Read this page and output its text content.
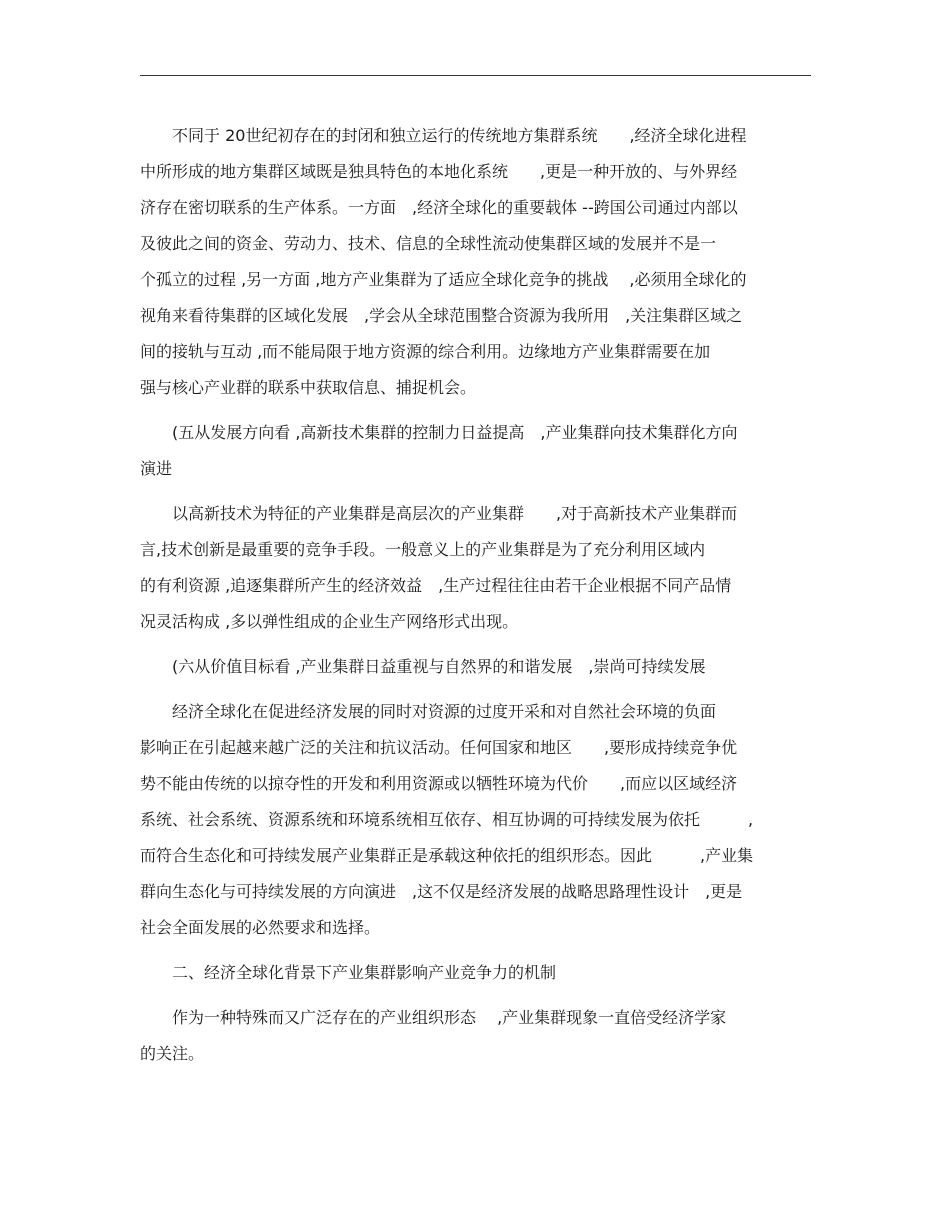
　　不同于 20世纪初存在的封闭和独立运行的传统地方集群系统　　,经济全球化进程
中所形成的地方集群区域既是独具特色的本地化系统　　,更是一种开放的、与外界经
济存在密切联系的生产体系。一方面　,经济全球化的重要载体 --跨国公司通过内部以
及彼此之间的资金、劳动力、技术、信息的全球性流动使集群区域的发展并不是一
个孤立的过程 ,另一方面 ,地方产业集群为了适应全球化竞争的挑战　 ,必须用全球化的
视角来看待集群的区域化发展　,学会从全球范围整合资源为我所用　,关注集群区域之
间的接轨与互动 ,而不能局限于地方资源的综合利用。边缘地方产业集群需要在加
强与核心产业群的联系中获取信息、捕捉机会。
　　(五从发展方向看 ,高新技术集群的控制力日益提高　,产业集群向技术集群化方向
演进
　　以高新技术为特征的产业集群是高层次的产业集群　　,对于高新技术产业集群而
言,技术创新是最重要的竞争手段。一般意义上的产业集群是为了充分利用区域内
的有利资源 ,追逐集群所产生的经济效益　,生产过程往往由若干企业根据不同产品情
况灵活构成 ,多以弹性组成的企业生产网络形式出现。
　　(六从价值目标看 ,产业集群日益重视与自然界的和谐发展　,崇尚可持续发展
　　经济全球化在促进经济发展的同时对资源的过度开采和对自然社会环境的负面
影响正在引起越来越广泛的关注和抗议活动。任何国家和地区　　,要形成持续竞争优
势不能由传统的以掠夺性的开发和利用资源或以牺牲环境为代价　　,而应以区域经济
系统、社会系统、资源系统和环境系统相互依存、相互协调的可持续发展为依托　　　,
而符合生态化和可持续发展产业集群正是承载这种依托的组织形态。因此　　　,产业集
群向生态化与可持续发展的方向演进　,这不仅是经济发展的战略思路理性设计　,更是
社会全面发展的必然要求和选择。
　　二、经济全球化背景下产业集群影响产业竞争力的机制
　　作为一种特殊而又广泛存在的产业组织形态　 ,产业集群现象一直倍受经济学家
的关注。
